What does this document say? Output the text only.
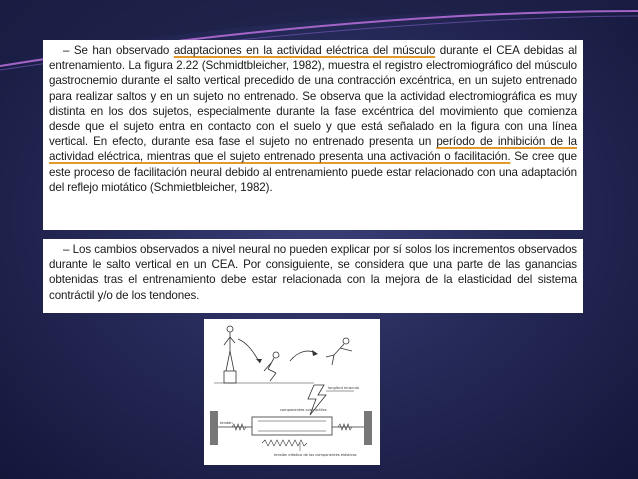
– Se han observado adaptaciones en la actividad eléctrica del músculo durante el CEA debidas al entrenamiento. La figura 2.22 (Schmidtbleicher, 1982), muestra el registro electromiográfico del músculo gastrocnemio durante el salto vertical precedido de una contracción excéntrica, en un sujeto entrenado para realizar saltos y en un sujeto no entrenado. Se observa que la actividad electromiográfica es muy distinta en los dos sujetos, especialmente durante la fase excéntrica del movimiento que comienza desde que el sujeto entra en contacto con el suelo y que está señalado en la figura con una línea vertical. En efecto, durante esa fase el sujeto no entrenado presenta un período de inhibición de la actividad eléctrica, mientras que el sujeto entrenado presenta una activación o facilitación. Se cree que este proceso de facilitación neural debido al entrenamiento puede estar relacionado con una adaptación del reflejo miotático (Schmietbleicher, 1982).

– Los cambios observados a nivel neural no pueden explicar por sí solos los incrementos observados durante le salto vertical en un CEA. Por consiguiente, se considera que una parte de las ganancias obtenidas tras el entrenamiento debe estar relacionada con la mejora de la elasticidad del sistema contráctil y/o de los tendones.

longitud músculo
componentes contráctiles
tendón
tensión elástica de los componentes elásticos
